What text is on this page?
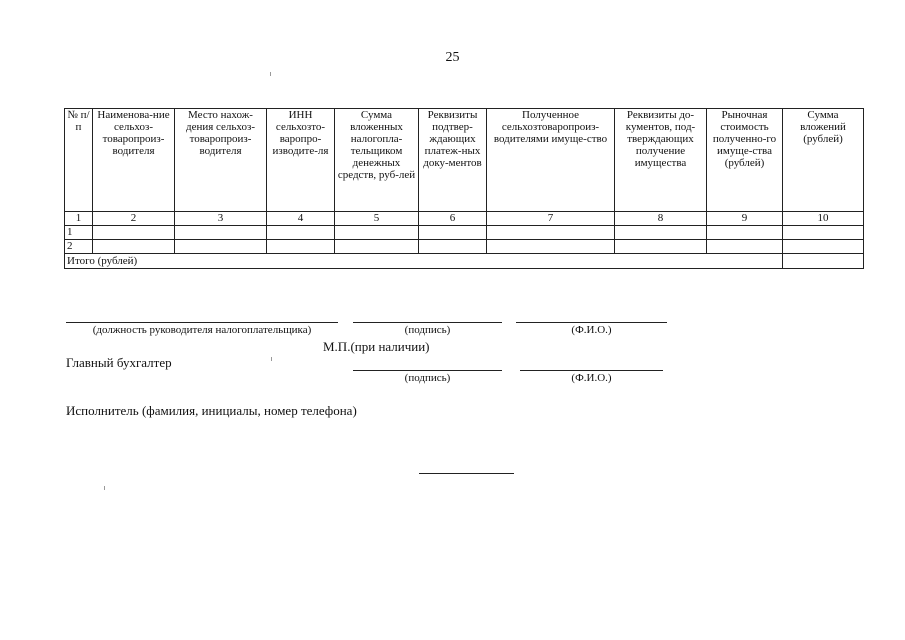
25
№ п/п	Наименова-ние сельхоз-товаропроиз-водителя	Место нахож-дения сельхоз-товаропроиз-водителя	ИНН сельхозто-варопро-изводите-ля	Сумма вложенных налогопла-тельщиком денежных средств, руб-лей	Реквизиты подтвер-ждающих платеж-ных доку-ментов	Полученное сельхозтоваропроиз-водителями имуще-ство	Реквизиты до-кументов, под-тверждающих получение имущества	Рыночная стоимость полученно-го имуще-ства (рублей)	Сумма вложений (рублей)
1	2	3	4	5	6	7	8	9	10
1									
2									
Итого (рублей)									
(должность руководителя налогоплательщика)	(подпись)	(Ф.И.О.)
М.П.(при наличии)
Главный бухгалтер
(подпись)	(Ф.И.О.)
Исполнитель (фамилия, инициалы, номер телефона)
